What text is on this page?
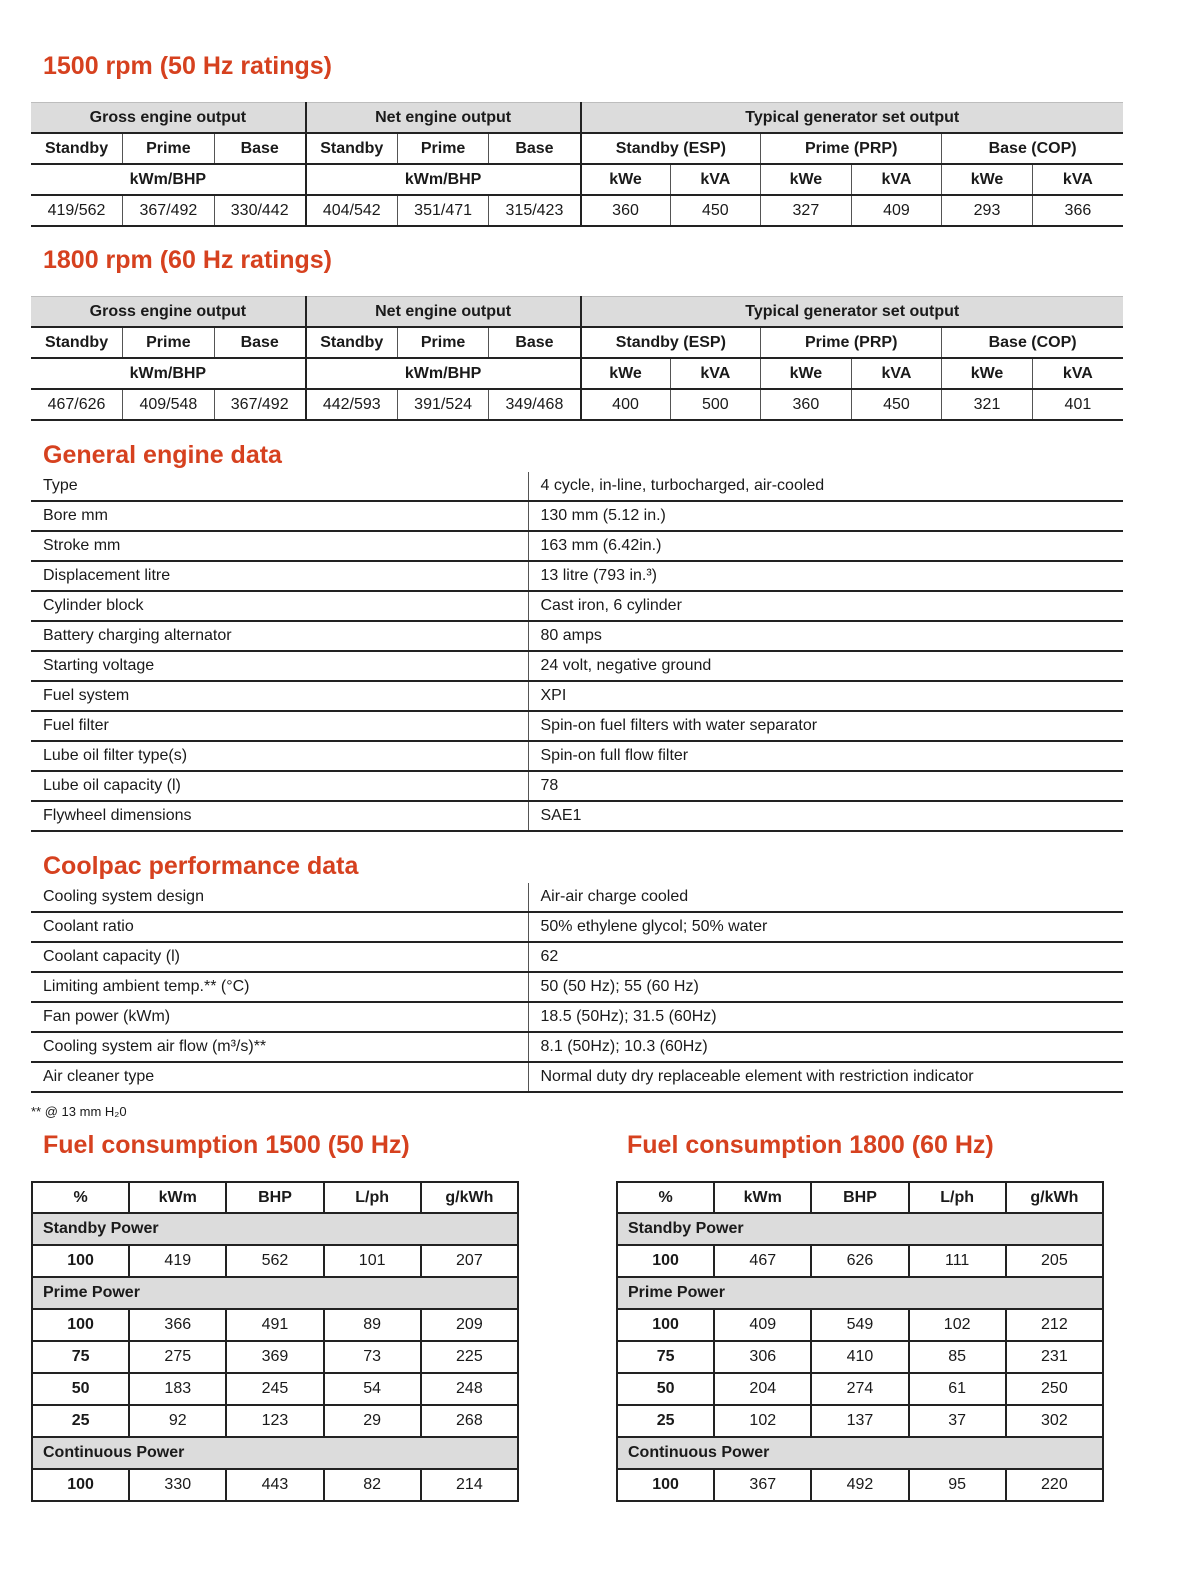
1500 rpm (50 Hz ratings)
Gross engine output			Net engine output			Typical generator set output					
Standby	Prime	Base	Standby	Prime	Base	Standby (ESP)		Prime (PRP)		Base (COP)	
kWm/BHP			kWm/BHP			kWe	kVA	kWe	kVA	kWe	kVA
419/562	367/492	330/442	404/542	351/471	315/423	360	450	327	409	293	366
1800 rpm (60 Hz ratings)
Gross engine output			Net engine output			Typical generator set output					
Standby	Prime	Base	Standby	Prime	Base	Standby (ESP)		Prime (PRP)		Base (COP)	
kWm/BHP			kWm/BHP			kWe	kVA	kWe	kVA	kWe	kVA
467/626	409/548	367/492	442/593	391/524	349/468	400	500	360	450	321	401
General engine data
Type	4 cycle, in-line, turbocharged, air-cooled
Bore mm	130 mm (5.12 in.)
Stroke mm	163 mm (6.42in.)
Displacement litre	13 litre (793 in.³)
Cylinder block	Cast iron, 6 cylinder
Battery charging alternator	80 amps
Starting voltage	24 volt, negative ground
Fuel system	XPI
Fuel filter	Spin-on fuel filters with water separator
Lube oil filter type(s)	Spin-on full flow filter
Lube oil capacity (l)	78
Flywheel dimensions	SAE1
Coolpac performance data
Cooling system design	Air-air charge cooled
Coolant ratio	50% ethylene glycol; 50% water
Coolant capacity (l)	62
Limiting ambient temp.** (°C)	50 (50 Hz); 55 (60 Hz)
Fan power (kWm)	18.5 (50Hz); 31.5 (60Hz)
Cooling system air flow (m³/s)**	8.1 (50Hz); 10.3 (60Hz)
Air cleaner type	Normal duty dry replaceable element with restriction indicator
** @ 13 mm H₂0
Fuel consumption 1500 (50 Hz)
%	kWm	BHP	L/ph	g/kWh
Standby Power				
100	419	562	101	207
Prime Power				
100	366	491	89	209
75	275	369	73	225
50	183	245	54	248
25	92	123	29	268
Continuous Power				
100	330	443	82	214
Fuel consumption 1800 (60 Hz)
%	kWm	BHP	L/ph	g/kWh
Standby Power				
100	467	626	111	205
Prime Power				
100	409	549	102	212
75	306	410	85	231
50	204	274	61	250
25	102	137	37	302
Continuous Power				
100	367	492	95	220
